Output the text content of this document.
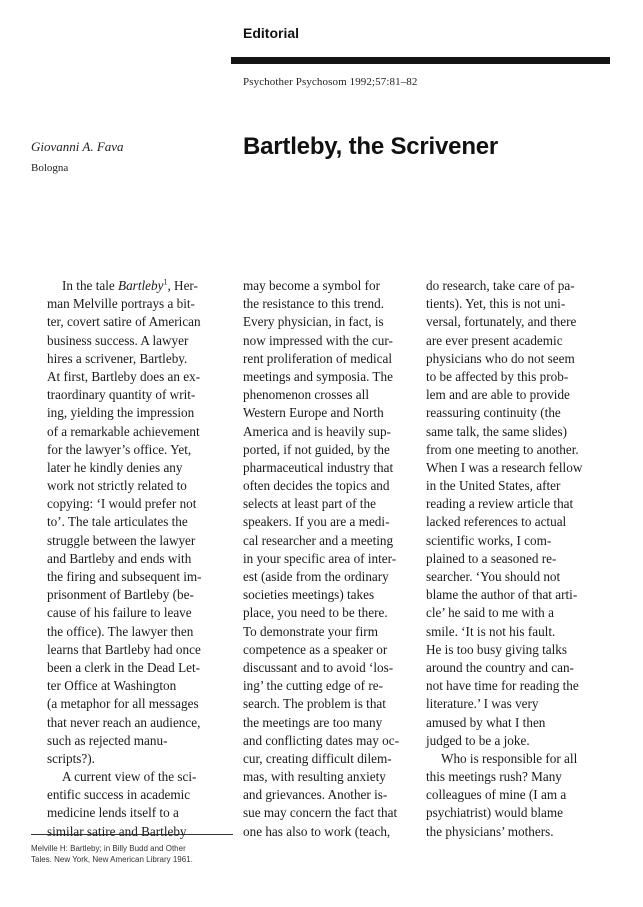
Editorial
Psychother Psychosom 1992;57:81–82
Giovanni A. Fava
Bologna
Bartleby, the Scrivener
In the tale Bartleby$^1$, Her-
man Melville portrays a bit-
ter, covert satire of American
business success. A lawyer
hires a scrivener, Bartleby.
At first, Bartleby does an ex-
traordinary quantity of writ-
ing, yielding the impression
of a remarkable achievement
for the lawyer’s office. Yet,
later he kindly denies any
work not strictly related to
copying: ‘I would prefer not
to’. The tale articulates the
struggle between the lawyer
and Bartleby and ends with
the firing and subsequent im-
prisonment of Bartleby (be-
cause of his failure to leave
the office). The lawyer then
learns that Bartleby had once
been a clerk in the Dead Let-
ter Office at Washington
(a metaphor for all messages
that never reach an audience,
such as rejected manu-
scripts?).
A current view of the sci-
entific success in academic
medicine lends itself to a
similar satire and Bartleby
may become a symbol for
the resistance to this trend.
Every physician, in fact, is
now impressed with the cur-
rent proliferation of medical
meetings and symposia. The
phenomenon crosses all
Western Europe and North
America and is heavily sup-
ported, if not guided, by the
pharmaceutical industry that
often decides the topics and
selects at least part of the
speakers. If you are a medi-
cal researcher and a meeting
in your specific area of inter-
est (aside from the ordinary
societies meetings) takes
place, you need to be there.
To demonstrate your firm
competence as a speaker or
discussant and to avoid ‘los-
ing’ the cutting edge of re-
search. The problem is that
the meetings are too many
and conflicting dates may oc-
cur, creating difficult dilem-
mas, with resulting anxiety
and grievances. Another is-
sue may concern the fact that
one has also to work (teach,
do research, take care of pa-
tients). Yet, this is not uni-
versal, fortunately, and there
are ever present academic
physicians who do not seem
to be affected by this prob-
lem and are able to provide
reassuring continuity (the
same talk, the same slides)
from one meeting to another.
When I was a research fellow
in the United States, after
reading a review article that
lacked references to actual
scientific works, I com-
plained to a seasoned re-
searcher. ‘You should not
blame the author of that arti-
cle’ he said to me with a
smile. ‘It is not his fault.
He is too busy giving talks
around the country and can-
not have time for reading the
literature.’ I was very
amused by what I then
judged to be a joke.
Who is responsible for all
this meetings rush? Many
colleagues of mine (I am a
psychiatrist) would blame
the physicians’ mothers.
Melville H: Bartleby; in Billy Budd and Other
Tales. New York, New American Library 1961.
